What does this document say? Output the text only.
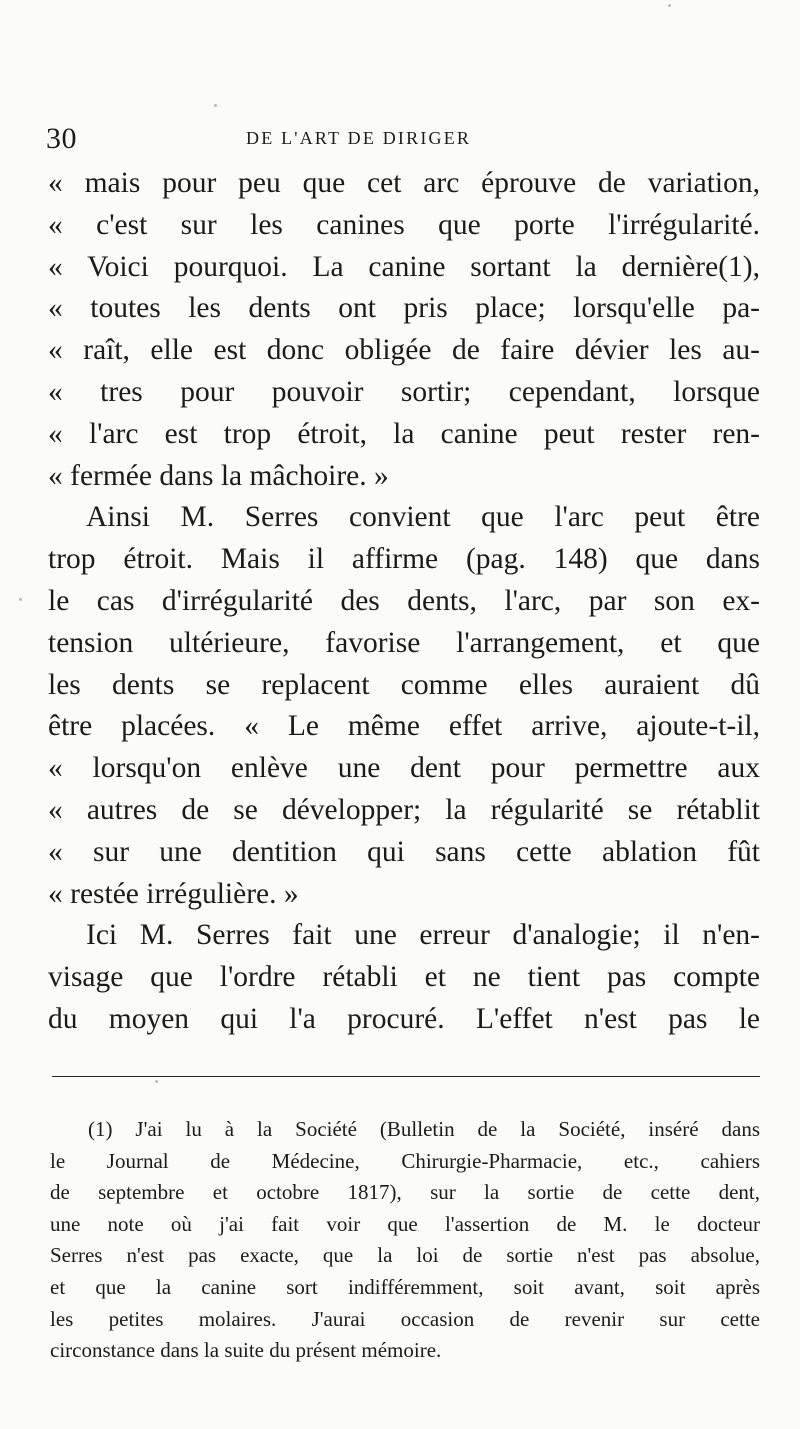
30	DE L'ART DE DIRIGER
« mais pour peu que cet arc éprouve de variation,
« c'est sur les canines que porte l'irrégularité.
« Voici pourquoi. La canine sortant la dernière(1),
« toutes les dents ont pris place; lorsqu'elle pa-
« raît, elle est donc obligée de faire dévier les au-
« tres pour pouvoir sortir; cependant, lorsque
« l'arc est trop étroit, la canine peut rester ren-
« fermée dans la mâchoire. »
Ainsi M. Serres convient que l'arc peut être
trop étroit. Mais il affirme (pag. 148) que dans
le cas d'irrégularité des dents, l'arc, par son ex-
tension ultérieure, favorise l'arrangement, et que
les dents se replacent comme elles auraient dû
être placées. « Le même effet arrive, ajoute-t-il,
« lorsqu'on enlève une dent pour permettre aux
« autres de se développer; la régularité se rétablit
« sur une dentition qui sans cette ablation fût
« restée irrégulière. »
Ici M. Serres fait une erreur d'analogie; il n'en-
visage que l'ordre rétabli et ne tient pas compte
du moyen qui l'a procuré. L'effet n'est pas le
(1) J'ai lu à la Société (Bulletin de la Société, inséré dans
le Journal de Médecine, Chirurgie-Pharmacie, etc., cahiers
de septembre et octobre 1817), sur la sortie de cette dent,
une note où j'ai fait voir que l'assertion de M. le docteur
Serres n'est pas exacte, que la loi de sortie n'est pas absolue,
et que la canine sort indifféremment, soit avant, soit après
les petites molaires. J'aurai occasion de revenir sur cette
circonstance dans la suite du présent mémoire.
